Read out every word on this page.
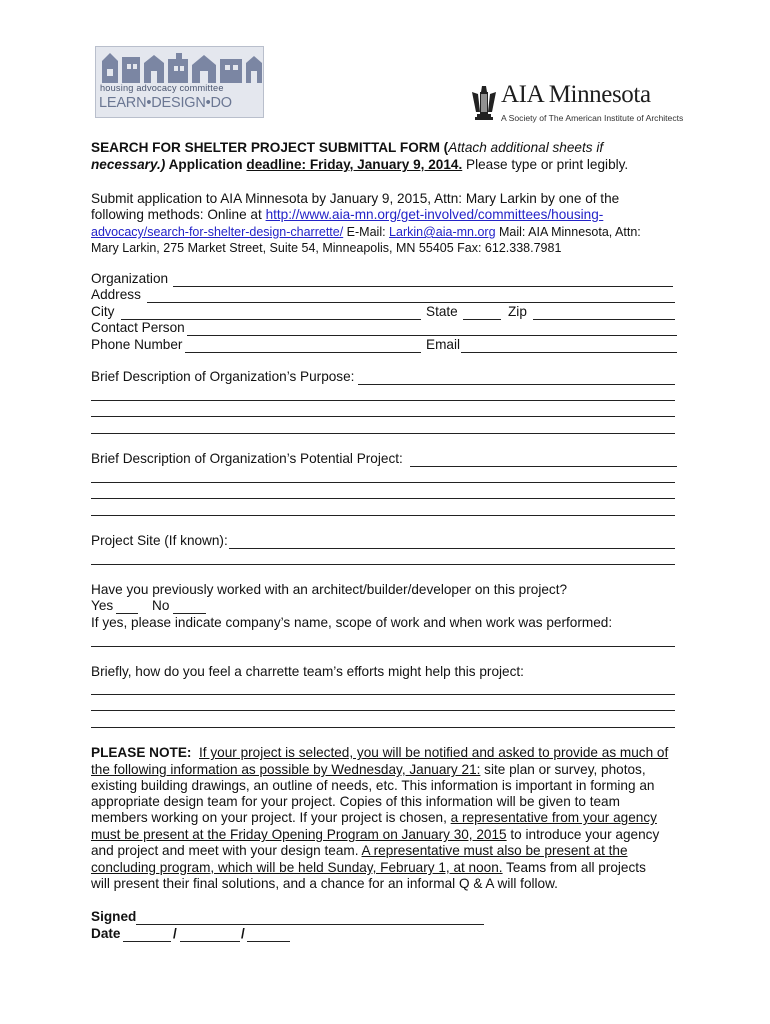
housing advocacy committee
LEARN•DESIGN•DO	AIA Minnesota
A Society of The American Institute of Architects
SEARCH FOR SHELTER PROJECT SUBMITTAL FORM (Attach additional sheets if
necessary.) Application deadline: Friday, January 9, 2014. Please type or print legibly.
Submit application to AIA Minnesota by January 9, 2015, Attn: Mary Larkin by one of the
following methods: Online at http://www.aia-mn.org/get-involved/committees/housing-
advocacy/search-for-shelter-design-charrette/ E-Mail: Larkin@aia-mn.org Mail: AIA Minnesota, Attn:
Mary Larkin, 275 Market Street, Suite 54, Minneapolis, MN 55405 Fax: 612.338.7981
Organization
Address
City	State	Zip
Contact Person
Phone Number	Email
Brief Description of Organization’s Purpose:
Brief Description of Organization’s Potential Project:
Project Site (If known):
Have you previously worked with an architect/builder/developer on this project?
Yes	No
If yes, please indicate company’s name, scope of work and when work was performed:
Briefly, how do you feel a charrette team’s efforts might help this project:
PLEASE NOTE: If your project is selected, you will be notified and asked to provide as much of
the following information as possible by Wednesday, January 21: site plan or survey, photos,
existing building drawings, an outline of needs, etc. This information is important in forming an
appropriate design team for your project. Copies of this information will be given to team
members working on your project. If your project is chosen, a representative from your agency
must be present at the Friday Opening Program on January 30, 2015 to introduce your agency
and project and meet with your design team. A representative must also be present at the
concluding program, which will be held Sunday, February 1, at noon. Teams from all projects
will present their final solutions, and a chance for an informal Q & A will follow.
Signed
Date	/	/
